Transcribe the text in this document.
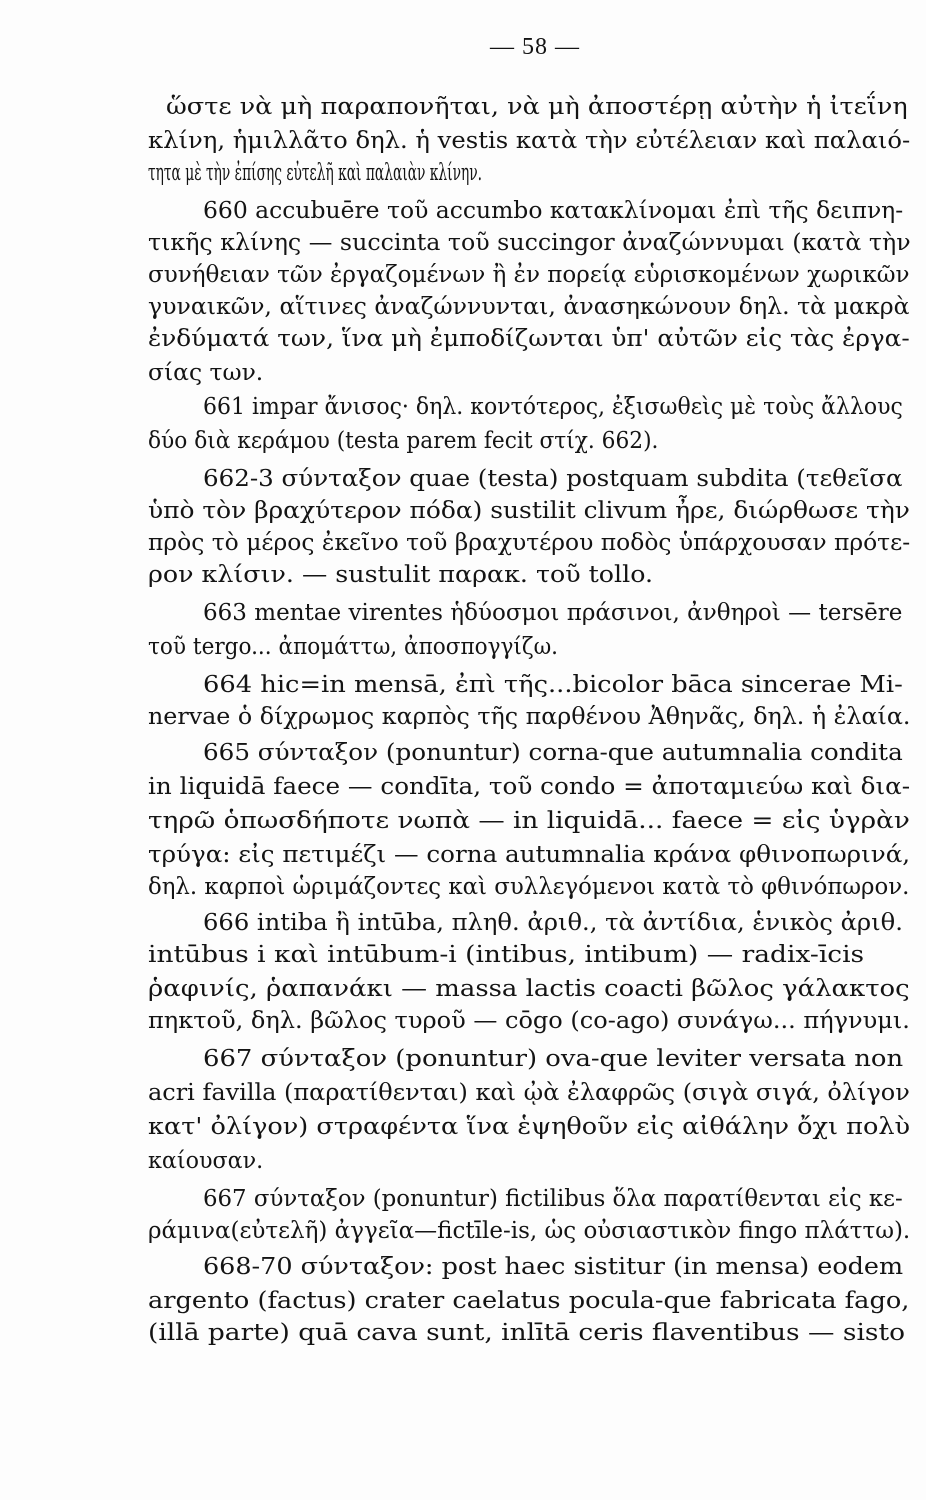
— 58 —
ὥστε νὰ μὴ παραπονῆται, νὰ μὴ ἀποστέρῃ αὐτὴν ἡ ἰτεΐνη
κλίνη, ἡμιλλᾶτο δηλ. ἡ vestis κατὰ τὴν εὐτέλειαν καὶ παλαιό-
τητα μὲ τὴν ἐπίσης εὐτελῆ καὶ παλαιὰν κλίνην.
660 accubuēre τοῦ accumbo κατακλίνομαι ἐπὶ τῆς δειπνη-
τικῆς κλίνης — succinta τοῦ succingor ἀναζώννυμαι (κατὰ τὴν
συνήθειαν τῶν ἐργαζομένων ἢ ἐν πορείᾳ εὑρισκομένων χωρικῶν
γυναικῶν, αἵτινες ἀναζώννυνται, ἀνασηκώνουν δηλ. τὰ μακρὰ
ἐνδύματά των, ἵνα μὴ ἐμποδίζωνται ὑπ' αὐτῶν εἰς τὰς ἐργα-
σίας των.
661 impar ἄνισος· δηλ. κοντότερος, ἐξισωθεὶς μὲ τοὺς ἄλλους
δύο διὰ κεράμου (testa parem fecit στίχ. 662).
662-3 σύνταξον quae (testa) postquam subdita (τεθεῖσα
ὑπὸ τὸν βραχύτερον πόδα) sustilit clivum ἦρε, διώρθωσε τὴν
πρὸς τὸ μέρος ἐκεῖνο τοῦ βραχυτέρου ποδὸς ὑπάρχουσαν πρότε-
ρον κλίσιν. — sustulit παρακ. τοῦ tollo.
663 mentae virentes ἡδύοσμοι πράσινοι, ἀνθηροὶ — tersēre
τοῦ tergo... ἀπομάττω, ἀποσπογγίζω.
664 hic=in mensā, ἐπὶ τῆς...bicolor bāca sincerae Mi-
nervae ὁ δίχρωμος καρπὸς τῆς παρθένου Ἀθηνᾶς, δηλ. ἡ ἐλαία.
665 σύνταξον (ponuntur) corna-que autumnalia condita
in liquidā faece — condīta, τοῦ condo = ἀποταμιεύω καὶ δια-
τηρῶ ὁπωσδήποτε νωπὰ — in liquidā... faece = εἰς ὑγρὰν
τρύγα: εἰς πετιμέζι — corna autumnalia κράνα φθινοπωρινά,
δηλ. καρποὶ ὡριμάζοντες καὶ συλλεγόμενοι κατὰ τὸ φθινόπωρον.
666 intiba ἢ intūba, πληθ. ἀριθ., τὰ ἀντίδια, ἑνικὸς ἀριθ.
intūbus i καὶ intūbum-i (intibus, intibum) — radix-īcis
ῥαφινίς, ῥαπανάκι — massa lactis coacti βῶλος γάλακτος
πηκτοῦ, δηλ. βῶλος τυροῦ — cōgo (co-ago) συνάγω... πήγνυμι.
667 σύνταξον (ponuntur) ova-que leviter versata non
acri favilla (παρατίθενται) καὶ ᾠὰ ἐλαφρῶς (σιγὰ σιγά, ὀλίγον
κατ' ὀλίγον) στραφέντα ἵνα ἑψηθοῦν εἰς αἰθάλην ὄχι πολὺ
καίουσαν.
667 σύνταξον (ponuntur) fictilibus ὅλα παρατίθενται εἰς κε-
ράμινα(εὐτελῆ) ἀγγεῖα—fictīle-is, ὡς οὐσιαστικὸν fingo πλάττω).
668-70 σύνταξον: post haec sistitur (in mensa) eodem
argento (factus) crater caelatus pocula-que fabricata fago,
(illā parte) quā cava sunt, inlītā ceris flaventibus — sisto
